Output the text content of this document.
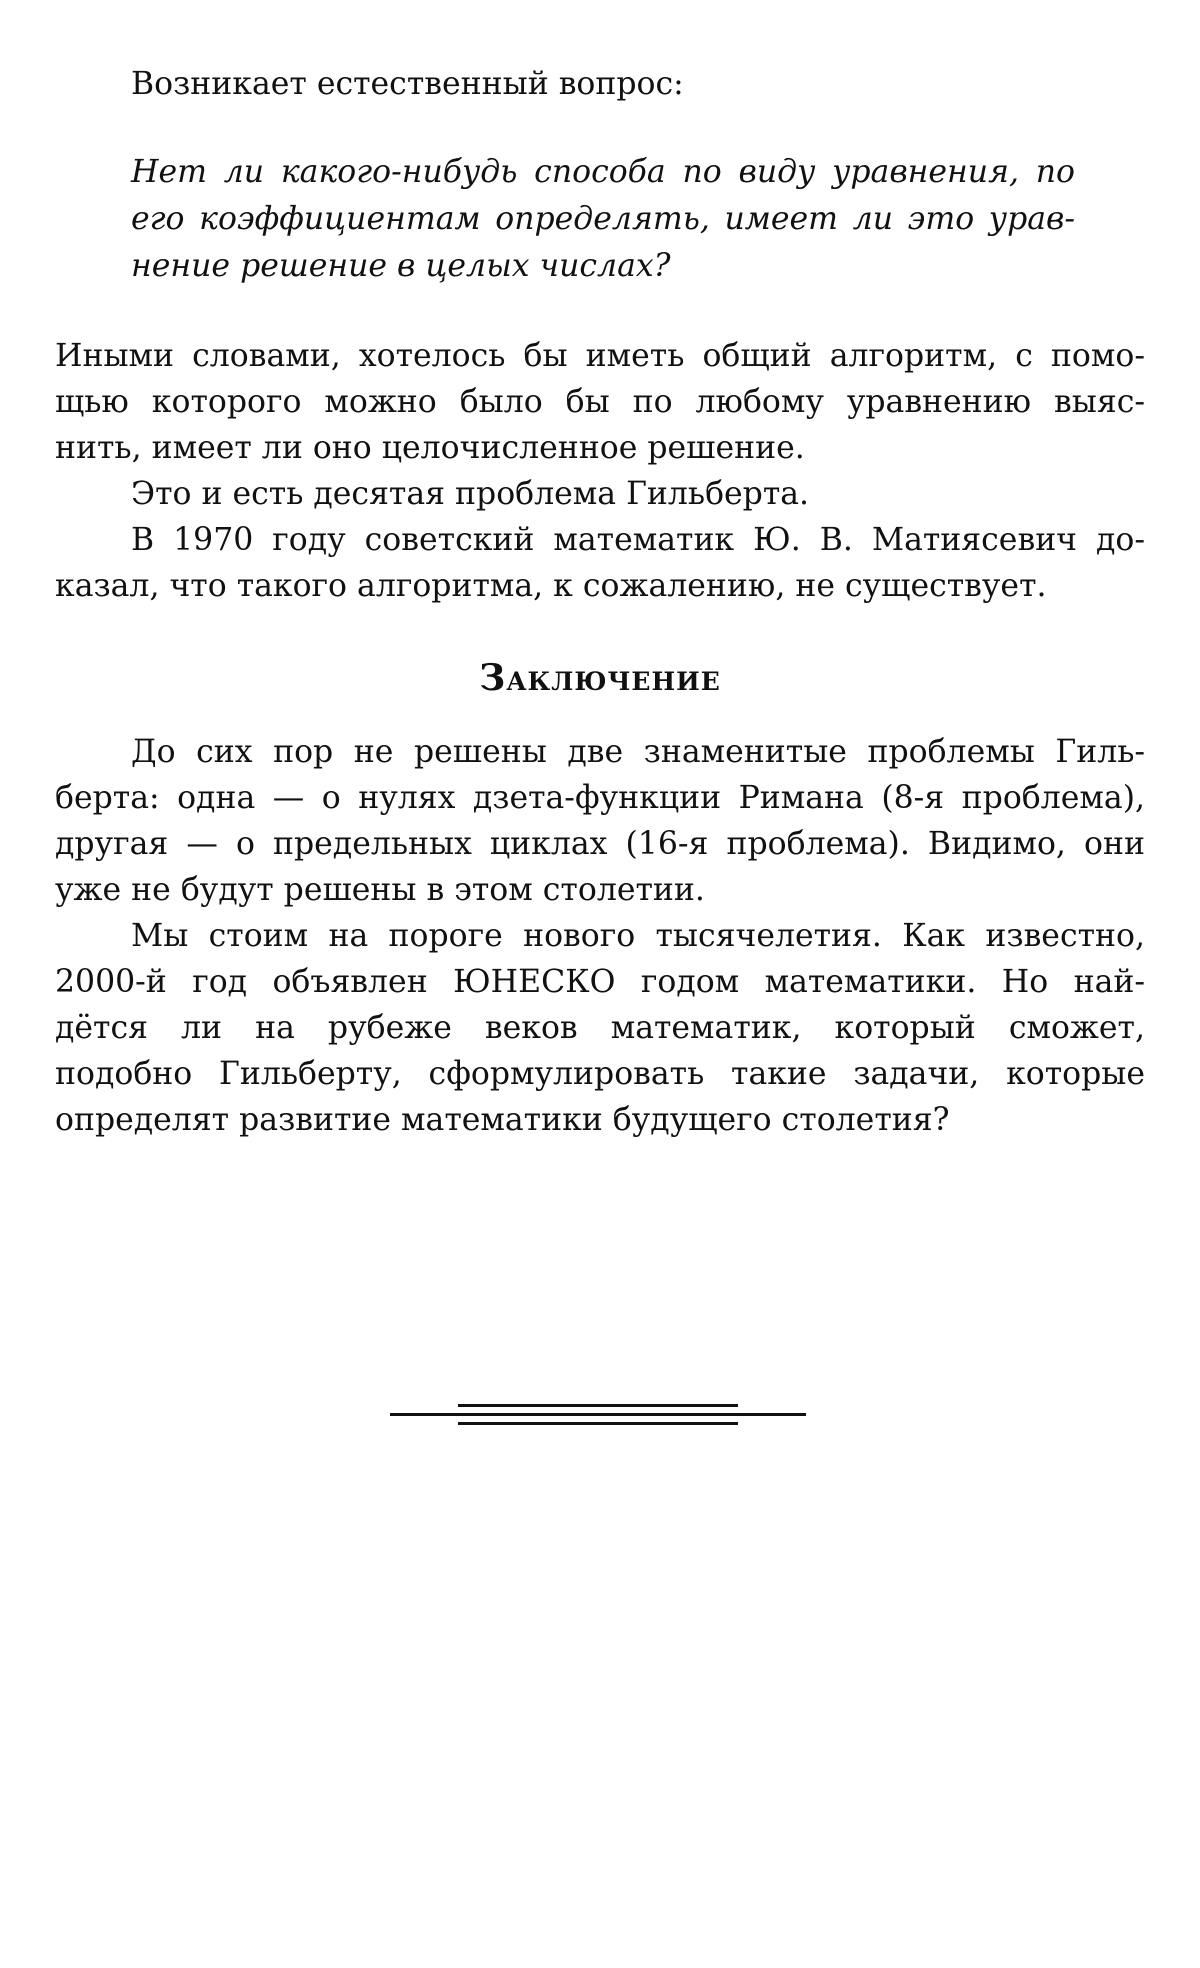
Возникает естественный вопрос:
Нет ли какого-нибудь способа по виду уравнения, по
его коэффициентам определять, имеет ли это урав-
нение решение в целых числах?
Иными словами, хотелось бы иметь общий алгоритм, с помо-
щью которого можно было бы по любому уравнению выяс-
нить, имеет ли оно целочисленное решение.
Это и есть десятая проблема Гильберта.
В 1970 году советский математик Ю. В. Матиясевич до-
казал, что такого алгоритма, к сожалению, не существует.
Заключение
До сих пор не решены две знаменитые проблемы Гиль-
берта: одна — о нулях дзета-функции Римана (8-я проблема),
другая — о предельных циклах (16-я проблема). Видимо, они
уже не будут решены в этом столетии.
Мы стоим на пороге нового тысячелетия. Как известно,
2000-й год объявлен ЮНЕСКО годом математики. Но най-
дётся ли на рубеже веков математик, который сможет,
подобно Гильберту, сформулировать такие задачи, которые
определят развитие математики будущего столетия?
